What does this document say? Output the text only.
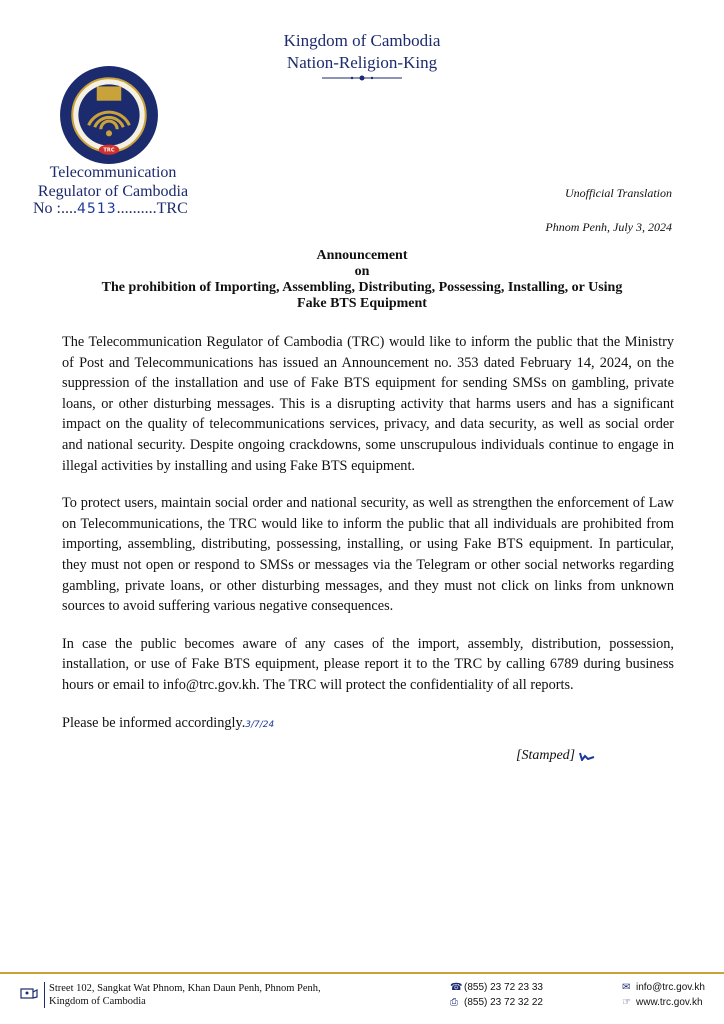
Kingdom of Cambodia
Nation-Religion-King
TRC
Telecommunication
Regulator of Cambodia
No :....4513..........TRC
Unofficial Translation
Phnom Penh, July 3, 2024
Announcement
on
The prohibition of Importing, Assembling, Distributing, Possessing, Installing, or Using
Fake BTS Equipment

The Telecommunication Regulator of Cambodia (TRC) would like to inform the public that the Ministry of Post and Telecommunications has issued an Announcement no. 353 dated February 14, 2024, on the suppression of the installation and use of Fake BTS equipment for sending SMSs on gambling, private loans, or other disturbing messages. This is a disrupting activity that harms users and has a significant impact on the quality of telecommunications services, privacy, and data security, as well as social order and national security. Despite ongoing crackdowns, some unscrupulous individuals continue to engage in illegal activities by installing and using Fake BTS equipment.

To protect users, maintain social order and national security, as well as strengthen the enforcement of Law on Telecommunications, the TRC would like to inform the public that all individuals are prohibited from importing, assembling, distributing, possessing, installing, or using Fake BTS equipment. In particular, they must not open or respond to SMSs or messages via the Telegram or other social networks regarding gambling, private loans, or other disturbing messages, and they must not click on links from unknown sources to avoid suffering various negative consequences.

In case the public becomes aware of any cases of the import, assembly, distribution, possession, installation, or use of Fake BTS equipment, please report it to the TRC by calling 6789 during business hours or email to info@trc.gov.kh. The TRC will protect the confidentiality of all reports.

Please be informed accordingly.3/7/24

[Stamped]
Street 102, Sangkat Wat Phnom, Khan Daun Penh, Phnom Penh,
Kingdom of Cambodia
☎ (855) 23 72 23 33
⎙ (855) 23 72 32 22
✉ info@trc.gov.kh
☞ www.trc.gov.kh
